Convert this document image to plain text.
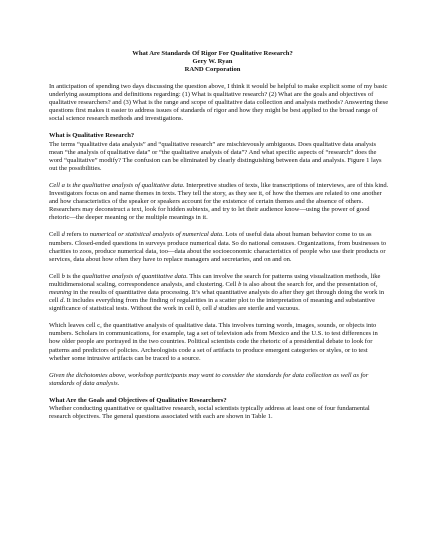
What Are Standards Of Rigor For Qualitative Research?
Gery W. Ryan
RAND Corporation

In anticipation of spending two days discussing the question above, I think it would be helpful to make explicit some of my basic underlying assumptions and definitions regarding: (1) What is qualitative research? (2) What are the goals and objectives of qualitative researchers? and (3) What is the range and scope of qualitative data collection and analysis methods? Answering these questions first makes it easier to address issues of standards of rigor and how they might be best applied to the broad range of social science research methods and investigations.

What is Qualitative Research?

The terms “qualitative data analysis” and “qualitative research” are mischievously ambiguous. Does qualitative data analysis mean “the analysis of qualitative data” or “the qualitative analysis of data”? And what specific aspects of “research” does the word “qualitative” modify? The confusion can be eliminated by clearly distinguishing between data and analysis. Figure 1 lays out the possibilities.

Cell a is the qualitative analysis of qualitative data. Interpretive studies of texts, like transcriptions of interviews, are of this kind. Investigators focus on and name themes in texts. They tell the story, as they see it, of how the themes are related to one another and how characteristics of the speaker or speakers account for the existence of certain themes and the absence of others. Researchers may deconstruct a text, look for hidden subtexts, and try to let their audience know—using the power of good rhetoric—the deeper meaning or the multiple meanings in it.

Cell d refers to numerical or statistical analysis of numerical data. Lots of useful data about human behavior come to us as numbers. Closed-ended questions in surveys produce numerical data. So do national censuses. Organizations, from businesses to charities to zoos, produce numerical data, too—data about the socioeconomic characteristics of people who use their products or services, data about how often they have to replace managers and secretaries, and on and on.

Cell b is the qualitative analysis of quantitative data. This can involve the search for patterns using visualization methods, like multidimensional scaling, correspondence analysis, and clustering. Cell b is also about the search for, and the presentation of, meaning in the results of quantitative data processing. It’s what quantitative analysts do after they get through doing the work in cell d. It includes everything from the finding of regularities in a scatter plot to the interpretation of meaning and substantive significance of statistical tests. Without the work in cell b, cell d studies are sterile and vacuous.

Which leaves cell c, the quantitative analysis of qualitative data. This involves turning words, images, sounds, or objects into numbers. Scholars in communications, for example, tag a set of television ads from Mexico and the U.S. to test differences in how older people are portrayed in the two countries. Political scientists code the rhetoric of a presidential debate to look for patterns and predictors of policies. Archeologists code a set of artifacts to produce emergent categories or styles, or to test whether some intrusive artifacts can be traced to a source.

Given the dichotomies above, workshop participants may want to consider the standards for data collection as well as for standards of data analysis.

What Are the Goals and Objectives of Qualitative Researchers?

Whether conducting quantitative or qualitative research, social scientists typically address at least one of four fundamental research objectives. The general questions associated with each are shown in Table 1.
